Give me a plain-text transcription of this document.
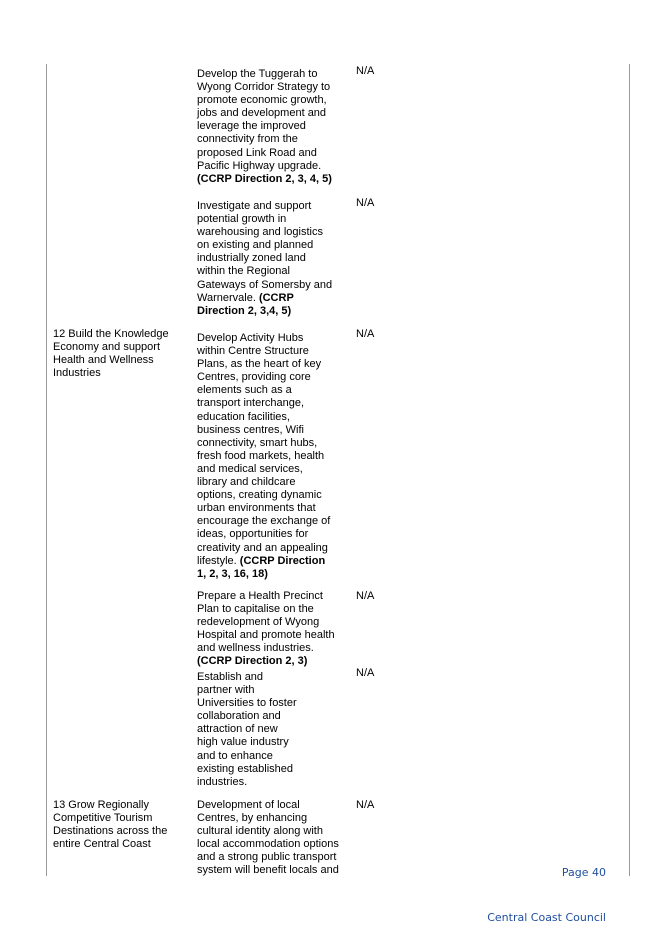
Develop the Tuggerah to
Wyong Corridor Strategy to
promote economic growth,
jobs and development and
leverage the improved
connectivity from the
proposed Link Road and
Pacific Highway upgrade.
(CCRP Direction 2, 3, 4, 5)
N/A
Investigate and support
potential growth in
warehousing and logistics
on existing and planned
industrially zoned land
within the Regional
Gateways of Somersby and
Warnervale. (CCRP
Direction 2, 3,4, 5)
N/A
12 Build the Knowledge
Economy and support
Health and Wellness
Industries
Develop Activity Hubs
within Centre Structure
Plans, as the heart of key
Centres, providing core
elements such as a
transport interchange,
education facilities,
business centres, Wifi
connectivity, smart hubs,
fresh food markets, health
and medical services,
library and childcare
options, creating dynamic
urban environments that
encourage the exchange of
ideas, opportunities for
creativity and an appealing
lifestyle. (CCRP Direction
1, 2, 3, 16, 18)
N/A
Prepare a Health Precinct
Plan to capitalise on the
redevelopment of Wyong
Hospital and promote health
and wellness industries.
(CCRP Direction 2, 3)
N/A
Establish and
partner with
Universities to foster
collaboration and
attraction of new
high value industry
and to enhance
existing established
industries.
N/A
13 Grow Regionally
Competitive Tourism
Destinations across the
entire Central Coast
Development of local
Centres, by enhancing
cultural identity along with
local accommodation options
and a strong public transport
system will benefit locals and
N/A
Page 40
Central Coast Council
